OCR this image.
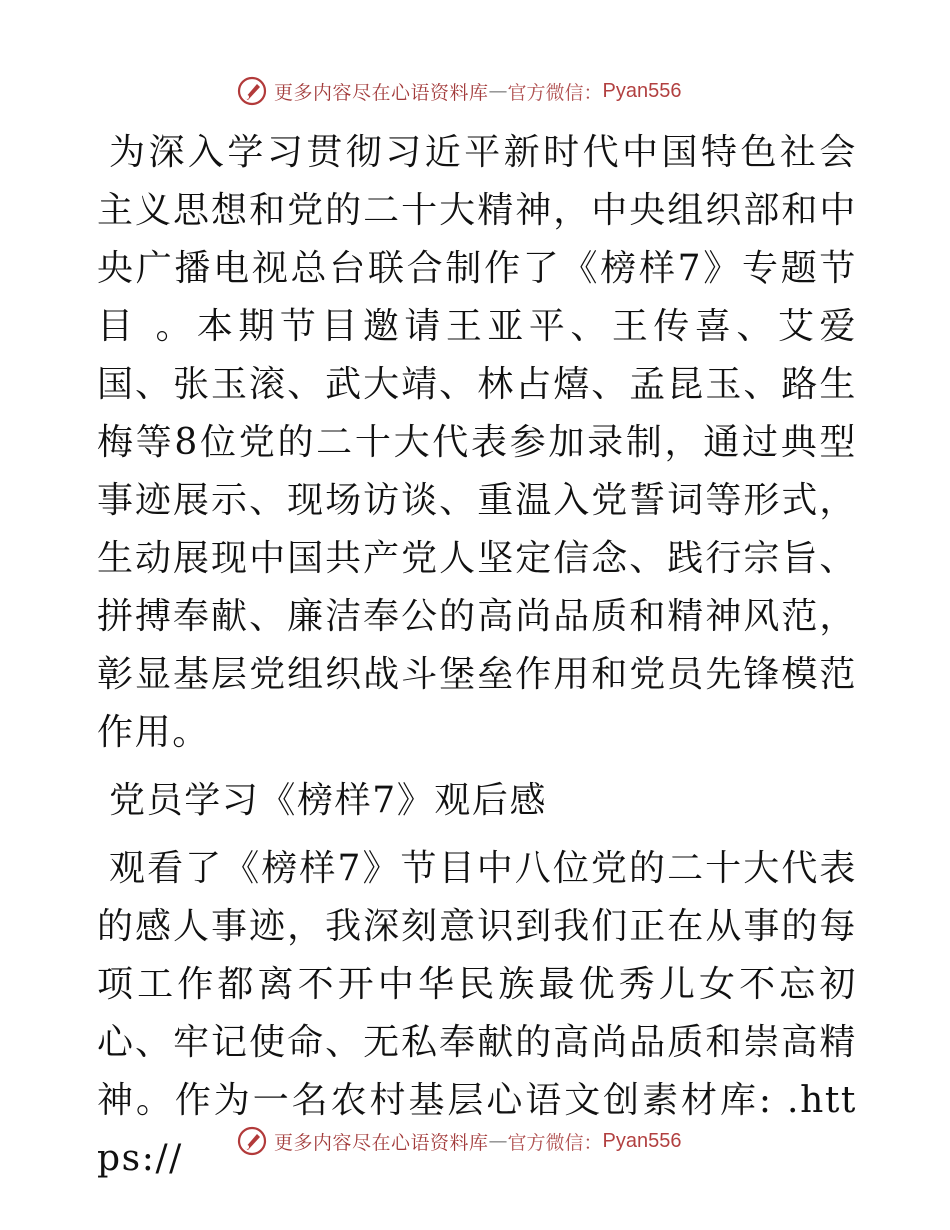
更多内容尽在心语资料库 — 官方微信： Pyan556

为深入学习贯彻习近平新时代中国特色社会主义思想和党的二十大精神，中央组织部和中央广播电视总台联合制作了《榜样7》专题节目 。本期节目邀请王亚平、王传喜、艾爱国、张玉滚、武大靖、林占熺、孟昆玉、路生梅等8位党的二十大代表参加录制，通过典型事迹展示、现场访谈、重温入党誓词等形式，生动展现中国共产党人坚定信念、践行宗旨、拼搏奉献、廉洁奉公的高尚品质和精神风范，彰显基层党组织战斗堡垒作用和党员先锋模范作用。

党员学习《榜样7》观后感

观看了《榜样7》节目中八位党的二十大代表的感人事迹，我深刻意识到我们正在从事的每项工作都离不开中华民族最优秀儿女不忘初心、牢记使命、无私奉献的高尚品质和崇高精神。作为一名农村基层心语文创素材库: .https://	更多内容尽在心语资料库 — 官方微信： Pyan556
